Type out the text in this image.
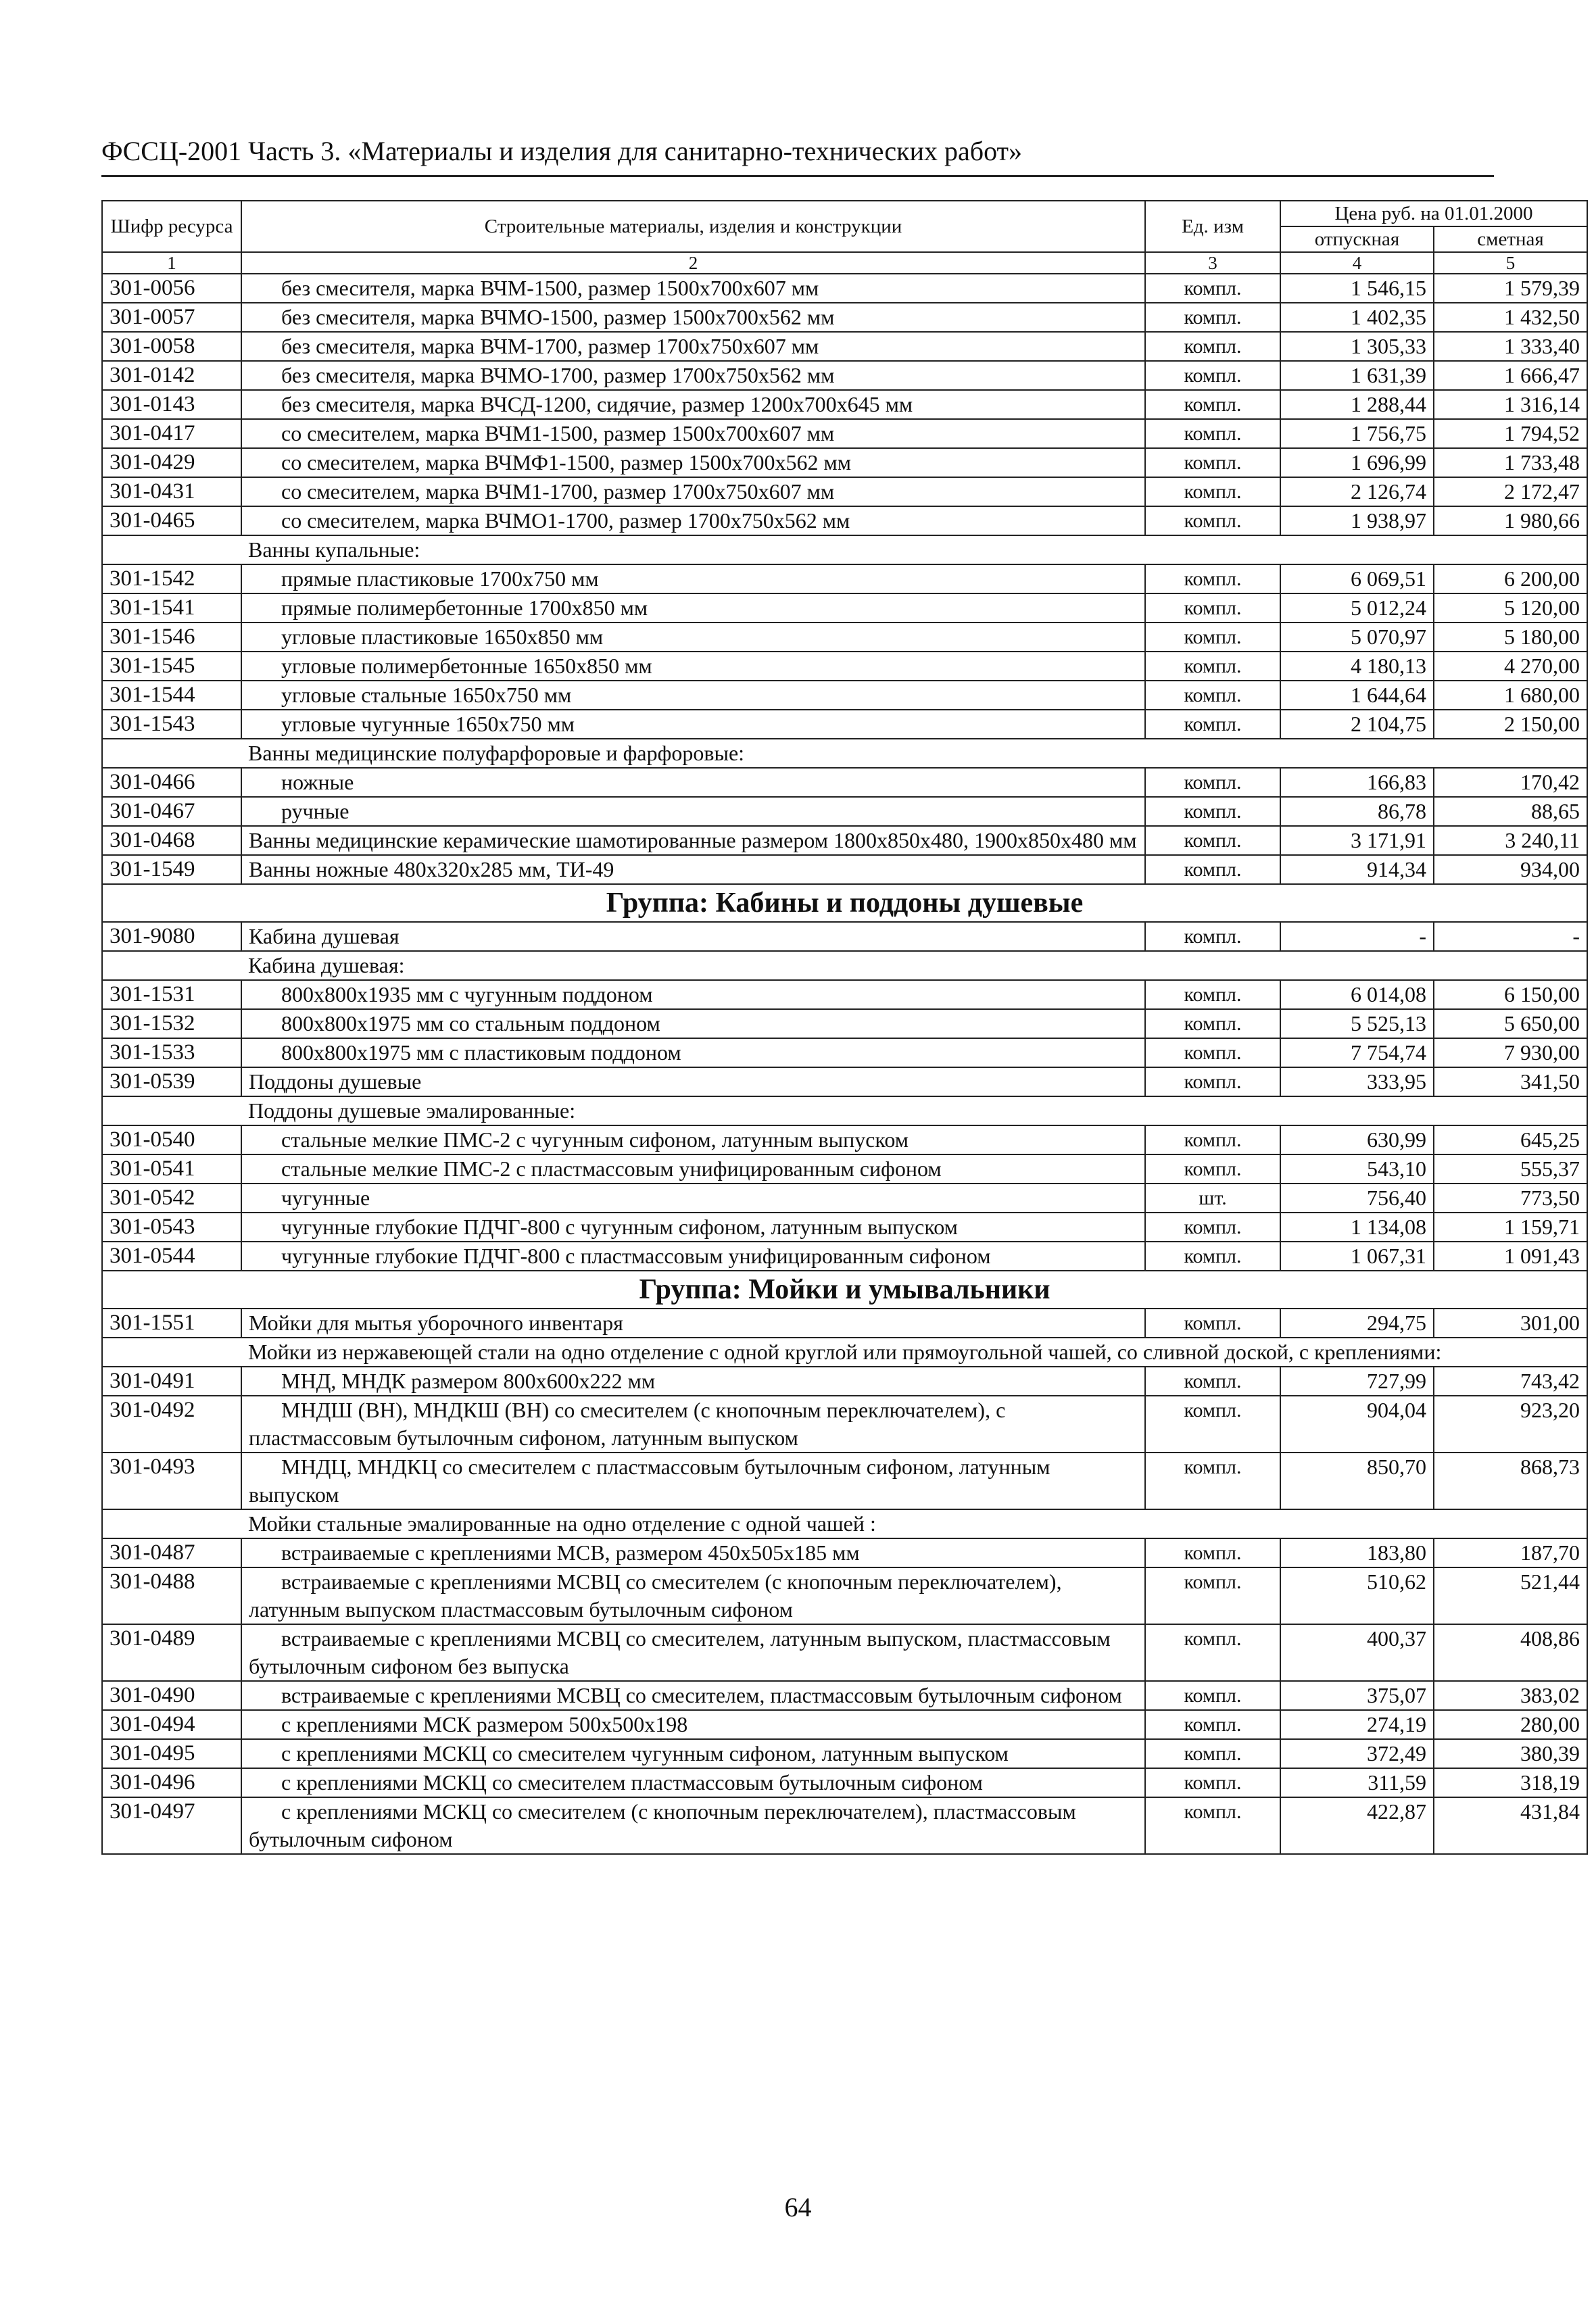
ФССЦ-2001 Часть 3. «Материалы и изделия для санитарно-технических работ»
Шифр ресурса	Строительные материалы, изделия и конструкции	Ед. изм	Цена руб. на 01.01.2000	
			отпускная	сметная
1	2	3	4	5
301-0056	без смесителя, марка ВЧМ-1500, размер 1500х700х607 мм	компл.	1 546,15	1 579,39
301-0057	без смесителя, марка ВЧМО-1500, размер 1500х700х562 мм	компл.	1 402,35	1 432,50
301-0058	без смесителя, марка ВЧМ-1700, размер 1700х750х607 мм	компл.	1 305,33	1 333,40
301-0142	без смесителя, марка ВЧМО-1700, размер 1700х750х562 мм	компл.	1 631,39	1 666,47
301-0143	без смесителя, марка ВЧСД-1200, сидячие, размер 1200х700х645 мм	компл.	1 288,44	1 316,14
301-0417	со смесителем, марка ВЧМ1-1500, размер 1500х700х607 мм	компл.	1 756,75	1 794,52
301-0429	со смесителем, марка ВЧМФ1-1500, размер 1500х700х562 мм	компл.	1 696,99	1 733,48
301-0431	со смесителем, марка ВЧМ1-1700, размер 1700х750х607 мм	компл.	2 126,74	2 172,47
301-0465	со смесителем, марка ВЧМО1-1700, размер 1700х750х562 мм	компл.	1 938,97	1 980,66
	Ванны купальные:			
301-1542	прямые пластиковые 1700х750 мм	компл.	6 069,51	6 200,00
301-1541	прямые полимербетонные 1700х850 мм	компл.	5 012,24	5 120,00
301-1546	угловые пластиковые 1650х850 мм	компл.	5 070,97	5 180,00
301-1545	угловые полимербетонные 1650х850 мм	компл.	4 180,13	4 270,00
301-1544	угловые стальные 1650х750 мм	компл.	1 644,64	1 680,00
301-1543	угловые чугунные 1650х750 мм	компл.	2 104,75	2 150,00
	Ванны медицинские полуфарфоровые и фарфоровые:			
301-0466	ножные	компл.	166,83	170,42
301-0467	ручные	компл.	86,78	88,65
301-0468	Ванны медицинские керамические шамотированные размером 1800х850х480, 1900х850х480 мм	компл.	3 171,91	3 240,11
301-1549	Ванны ножные 480х320х285 мм, ТИ-49	компл.	914,34	934,00
Группа: Кабины и поддоны душевые				
301-9080	Кабина душевая	компл.	-	-
	Кабина душевая:			
301-1531	800х800х1935 мм с чугунным поддоном	компл.	6 014,08	6 150,00
301-1532	800х800х1975 мм со стальным поддоном	компл.	5 525,13	5 650,00
301-1533	800х800х1975 мм с пластиковым поддоном	компл.	7 754,74	7 930,00
301-0539	Поддоны душевые	компл.	333,95	341,50
	Поддоны душевые эмалированные:			
301-0540	стальные мелкие ПМС-2 с чугунным сифоном, латунным выпуском	компл.	630,99	645,25
301-0541	стальные мелкие ПМС-2 с пластмассовым унифицированным сифоном	компл.	543,10	555,37
301-0542	чугунные	шт.	756,40	773,50
301-0543	чугунные глубокие ПДЧГ-800 с чугунным сифоном, латунным выпуском	компл.	1 134,08	1 159,71
301-0544	чугунные глубокие ПДЧГ-800 с пластмассовым унифицированным сифоном	компл.	1 067,31	1 091,43
Группа: Мойки и умывальники				
301-1551	Мойки для мытья уборочного инвентаря	компл.	294,75	301,00
	Мойки из нержавеющей стали на одно отделение с одной круглой или прямоугольной чашей, со сливной доской, с креплениями:			
301-0491	МНД, МНДК размером 800х600х222 мм	компл.	727,99	743,42
301-0492	МНДШ (ВН), МНДКШ (ВН) со смесителем (с кнопочным переключателем), с пластмассовым бутылочным сифоном, латунным выпуском	компл.	904,04	923,20
301-0493	МНДЦ, МНДКЦ со смесителем с пластмассовым бутылочным сифоном, латунным выпуском	компл.	850,70	868,73
	Мойки стальные эмалированные на одно отделение с одной чашей :			
301-0487	встраиваемые с креплениями МСВ, размером 450х505х185 мм	компл.	183,80	187,70
301-0488	встраиваемые с креплениями МСВЦ со смесителем (с кнопочным переключателем), латунным выпуском пластмассовым бутылочным сифоном	компл.	510,62	521,44
301-0489	встраиваемые с креплениями МСВЦ со смесителем, латунным выпуском, пластмассовым бутылочным сифоном без выпуска	компл.	400,37	408,86
301-0490	встраиваемые с креплениями МСВЦ со смесителем, пластмассовым бутылочным сифоном	компл.	375,07	383,02
301-0494	с креплениями МСК размером 500х500х198	компл.	274,19	280,00
301-0495	с креплениями МСКЦ со смесителем чугунным сифоном, латунным выпуском	компл.	372,49	380,39
301-0496	с креплениями МСКЦ со смесителем пластмассовым бутылочным сифоном	компл.	311,59	318,19
301-0497	с креплениями МСКЦ со смесителем (с кнопочным переключателем), пластмассовым бутылочным сифоном	компл.	422,87	431,84
64
